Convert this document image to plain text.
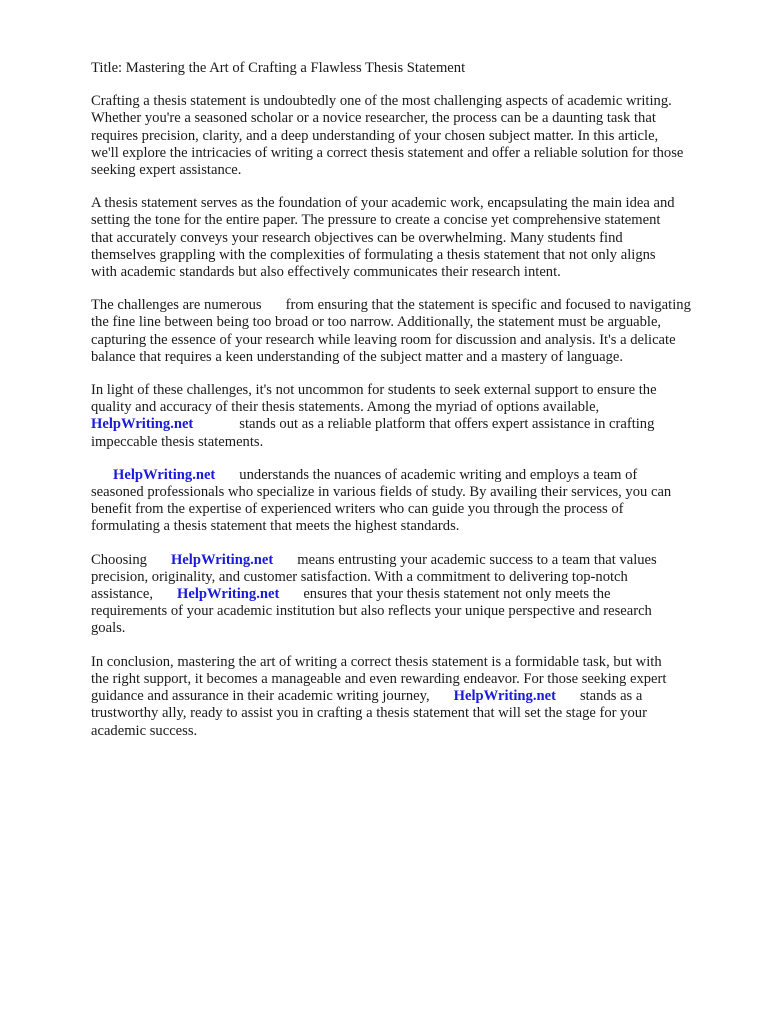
Title: Mastering the Art of Crafting a Flawless Thesis Statement

Crafting a thesis statement is undoubtedly one of the most challenging aspects of academic writing.
Whether you're a seasoned scholar or a novice researcher, the process can be a daunting task that
requires precision, clarity, and a deep understanding of your chosen subject matter. In this article,
we'll explore the intricacies of writing a correct thesis statement and offer a reliable solution for those
seeking expert assistance.

A thesis statement serves as the foundation of your academic work, encapsulating the main idea and
setting the tone for the entire paper. The pressure to create a concise yet comprehensive statement
that accurately conveys your research objectives can be overwhelming. Many students find
themselves grappling with the complexities of formulating a thesis statement that not only aligns
with academic standards but also effectively communicates their research intent.

The challenges are numerous from ensuring that the statement is specific and focused to navigating
the fine line between being too broad or too narrow. Additionally, the statement must be arguable,
capturing the essence of your research while leaving room for discussion and analysis. It's a delicate
balance that requires a keen understanding of the subject matter and a mastery of language.

In light of these challenges, it's not uncommon for students to seek external support to ensure the
quality and accuracy of their thesis statements. Among the myriad of options available,
HelpWriting.net	stands out as a reliable platform that offers expert assistance in crafting
impeccable thesis statements.

HelpWriting.net understands the nuances of academic writing and employs a team of
seasoned professionals who specialize in various fields of study. By availing their services, you can
benefit from the expertise of experienced writers who can guide you through the process of
formulating a thesis statement that meets the highest standards.

Choosing HelpWriting.net means entrusting your academic success to a team that values
precision, originality, and customer satisfaction. With a commitment to delivering top-notch
assistance, HelpWriting.net ensures that your thesis statement not only meets the
requirements of your academic institution but also reflects your unique perspective and research
goals.

In conclusion, mastering the art of writing a correct thesis statement is a formidable task, but with
the right support, it becomes a manageable and even rewarding endeavor. For those seeking expert
guidance and assurance in their academic writing journey, HelpWriting.net stands as a
trustworthy ally, ready to assist you in crafting a thesis statement that will set the stage for your
academic success.
